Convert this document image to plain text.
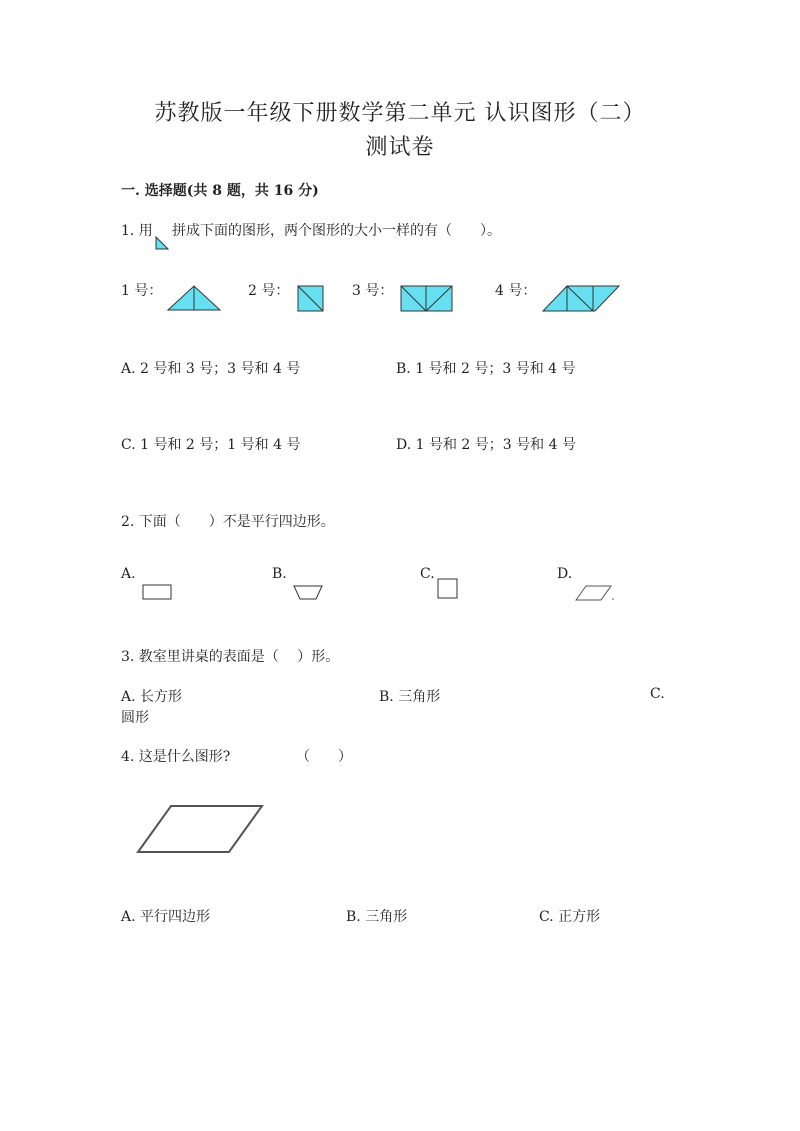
苏教版一年级下册数学第二单元 认识图形（二）
测试卷
一. 选择题(共 8 题，共 16 分)
1. 用 拼成下面的图形，两个图形的大小一样的有（　　）。
1 号：	2 号：	3 号：	4 号：
A. 2 号和 3 号；3 号和 4 号	B. 1 号和 2 号；3 号和 4 号
C. 1 号和 2 号；1 号和 4 号	D. 1 号和 2 号；3 号和 4 号
2. 下面（　　）不是平行四边形。
A.	B.	C.	D.
3. 教室里讲桌的表面是（　 ）形。
A. 长方形	B. 三角形	C.
圆形
4. 这是什么图形?	（　　）
A. 平行四边形	B. 三角形	C. 正方形
